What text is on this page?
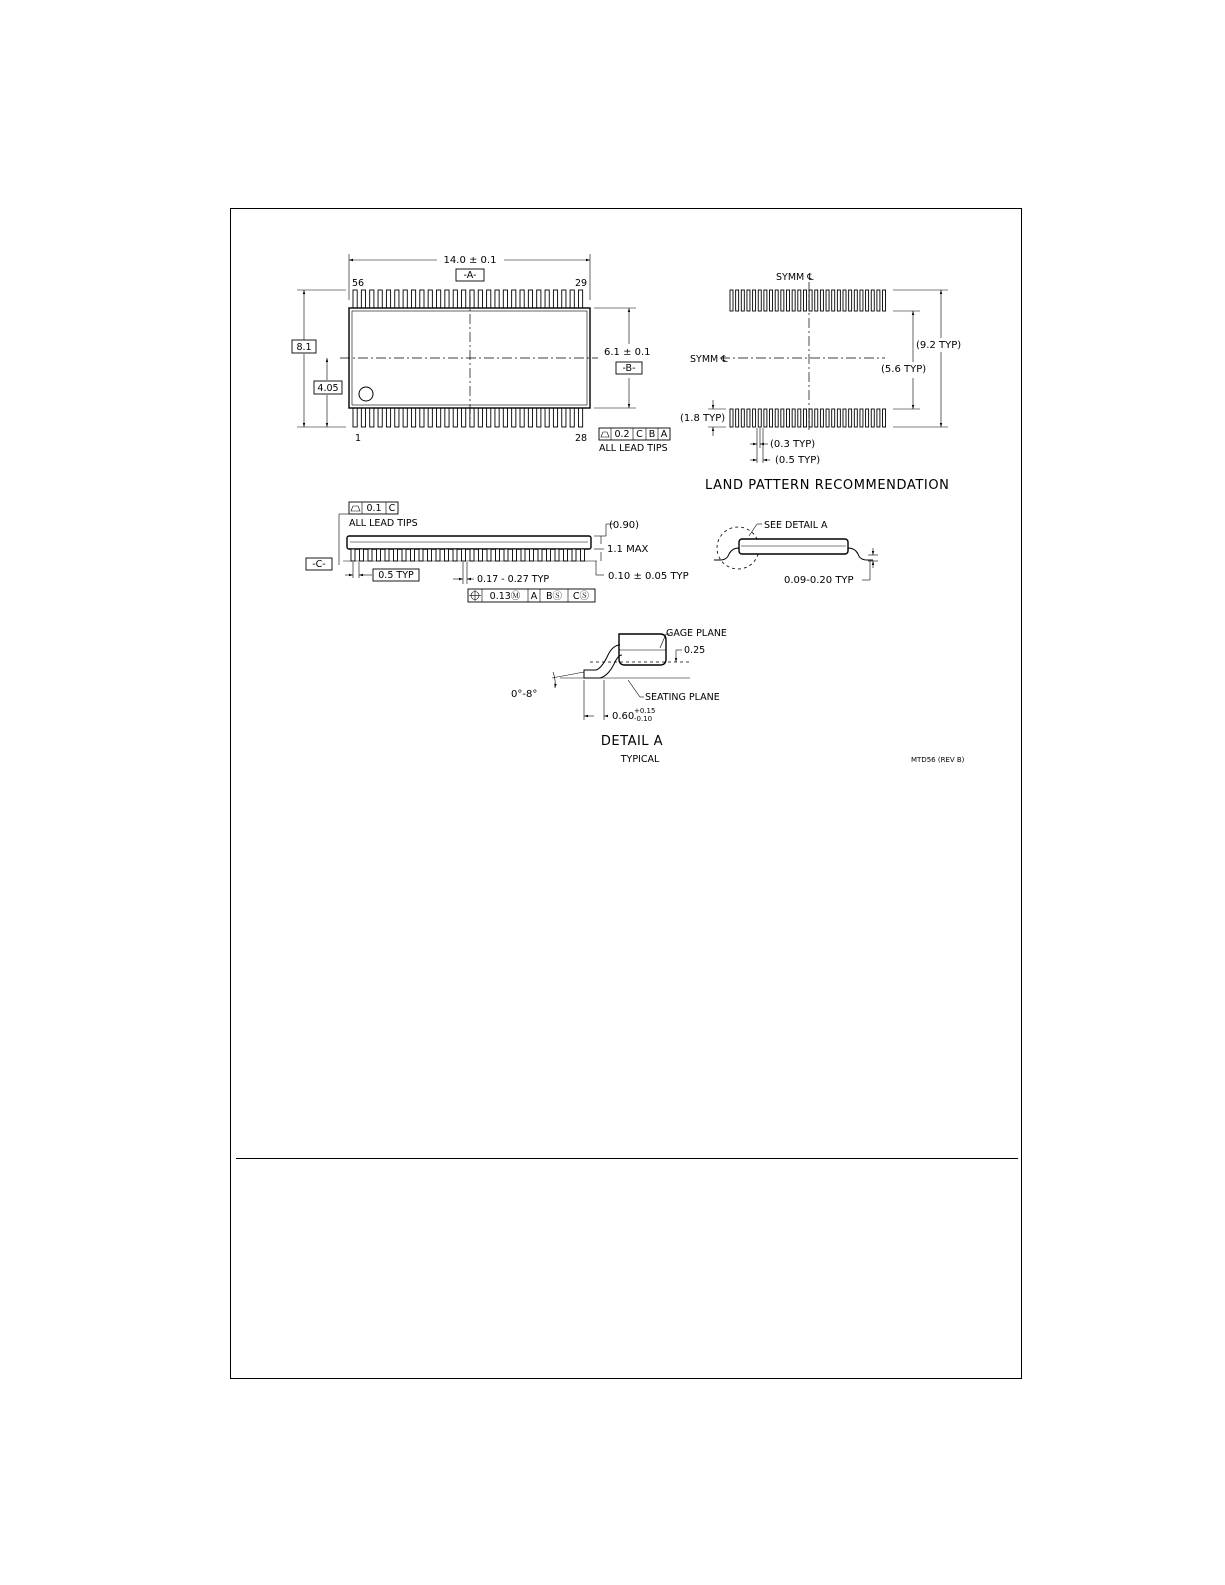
14.0 ± 0.1
-A-
56	29
1	28
8.1
4.05
6.1 ± 0.1
-B-
0.2 C B A
ALL LEAD TIPS
SYMM ℄
SYMM ℄
(9.2 TYP)
(5.6 TYP)
(1.8 TYP)
(0.3 TYP)
(0.5 TYP)
LAND PATTERN RECOMMENDATION
0.1 C
ALL LEAD TIPS
-C-
0.5 TYP	0.17 - 0.27 TYP
0.13Ⓜ A BⓈ CⓈ
(0.90)
1.1 MAX
0.10 ± 0.05 TYP
SEE DETAIL A
0.09-0.20 TYP
GAGE PLANE
0.25
0°-8°	SEATING PLANE
0.60 +0.15
-0.10
DETAIL A
TYPICAL	MTD56 (REV B)
